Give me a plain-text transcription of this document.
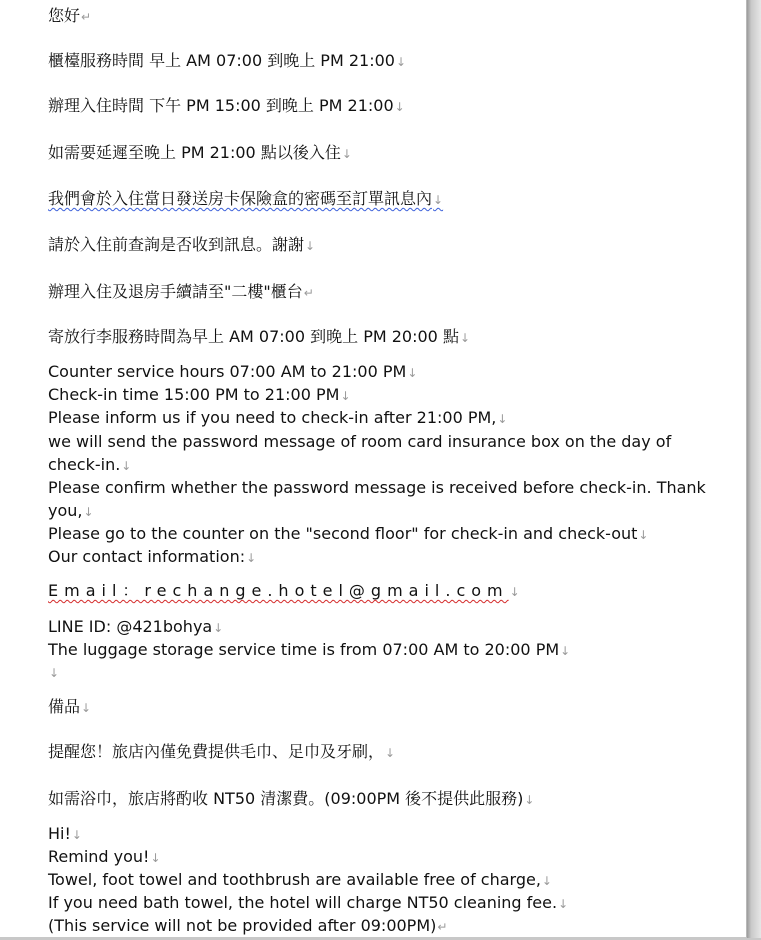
您好↵
櫃檯服務時間 早上 AM 07:00 到晚上 PM 21:00↓
辦理入住時間 下午 PM 15:00 到晚上 PM 21:00↓
如需要延遲至晚上 PM 21:00 點以後入住↓
我們會於入住當日發送房卡保險盒的密碼至訂單訊息內↓
請於入住前查詢是否收到訊息。謝謝↓
辦理入住及退房手續請至"二樓"櫃台↵
寄放行李服務時間為早上 AM 07:00 到晚上 PM 20:00 點↓
Counter service hours 07:00 AM to 21:00 PM↓
Check-in time 15:00 PM to 21:00 PM↓
Please inform us if you need to check-in after 21:00 PM,↓
we will send the password message of room card insurance box on the day of
check-in.↓
Please confirm whether the password message is received before check-in. Thank
you,↓
Please go to the counter on the "second floor" for check-in and check-out↓
Our contact information:↓
Email：rechange.hotel@gmail.com↓
LINE ID: @421bohya↓
The luggage storage service time is from 07:00 AM to 20:00 PM↓
↓
備品↓
提醒您！旅店內僅免費提供毛巾、足巾及牙刷，↓
如需浴巾，旅店將酌收 NT50 清潔費。(09:00PM 後不提供此服務)↓
Hi!↓
Remind you!↓
Towel, foot towel and toothbrush are available free of charge,↓
If you need bath towel, the hotel will charge NT50 cleaning fee.↓
(This service will not be provided after 09:00PM)↵
